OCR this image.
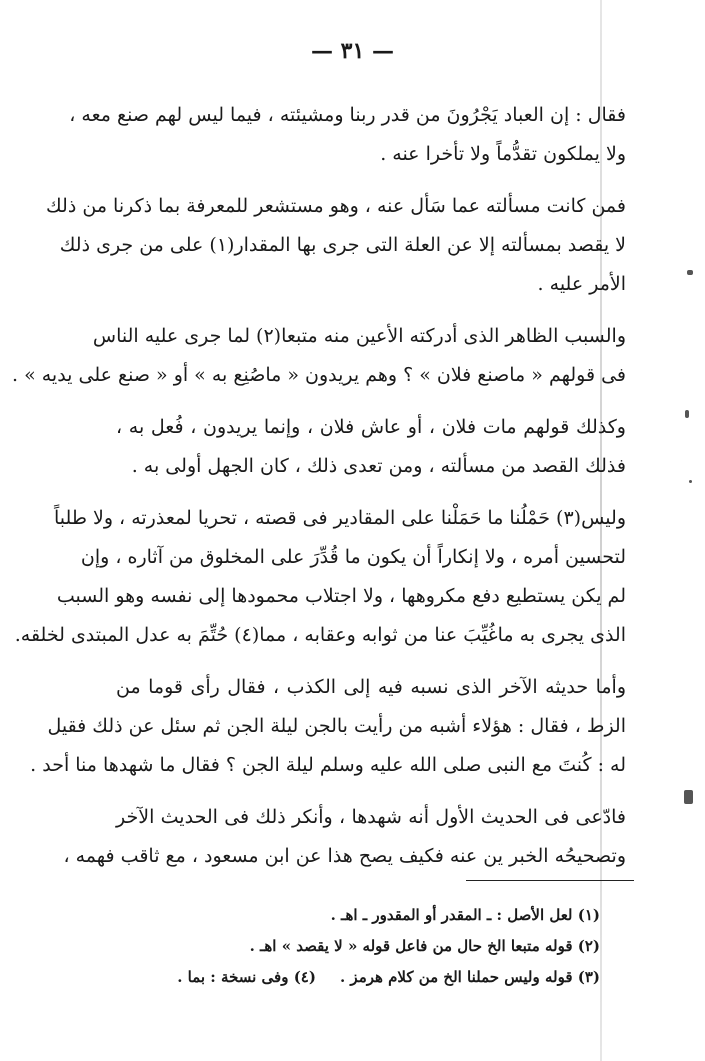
— ٣١ —
فقال : إن العباد يَجْرُونَ من قدر ربنا ومشيئته ، فيما ليس لهم صنع معه ،
ولا يملكون تقدُّماً ولا تأخرا عنه .
فمن كانت مسألته عما سَأل عنه ، وهو مستشعر للمعرفة بما ذكرنا من ذلك
لا يقصد بمسألته إلا عن العلة التى جرى بها المقدار(١) على من جرى ذلك
الأمر عليه .
والسبب الظاهر الذى أدركته الأعين منه متبعا(٢) لما جرى عليه الناس
فى قولهم « ماصنع فلان » ؟ وهم يريدون « ماصُنِع به » أو « صنع على يديه » .
وكذلك قولهم مات فلان ، أو عاش فلان ، وإنما يريدون ، فُعل به ،
فذلك القصد من مسألته ، ومن تعدى ذلك ، كان الجهل أولى به .
وليس(٣) حَمْلُنا ما حَمَلْنا على المقادير فى قصته ، تحريا لمعذرته ، ولا طلباً
لتحسين أمره ، ولا إنكاراً أن يكون ما قُدِّرَ على المخلوق من آثاره ، وإن
لم يكن يستطيع دفع مكروهها ، ولا اجتلاب محمودها إلى نفسه وهو السبب
الذى يجرى به ماغُيِّبَ عنا من ثوابه وعقابه ، مما(٤) حُتِّمَ به عدل المبتدى لخلقه.
وأما حديثه الآخر الذى نسبه فيه إلى الكذب ، فقال رأى قوما من
الزط ، فقال : هؤلاء أشبه من رأيت بالجن ليلة الجن ثم سئل عن ذلك فقيل
له : كُنتَ مع النبى صلى الله عليه وسلم ليلة الجن ؟ فقال ما شهدها منا أحد .
فادّعى فى الحديث الأول أنه شهدها ، وأنكر ذلك فى الحديث الآخر
وتصحيحُه الخبر ين عنه فكيف يصح هذا عن ابن مسعود ، مع ثاقب فهمه ،
(١) لعل الأصل : ـ المقدر أو المقدور ـ اهـ .
(٢) قوله متبعا الخ حال من فاعل قوله « لا يقصد » اهـ .
(٣) قوله وليس حملنا الخ من كلام هرمز .(٤) وفى نسخة : بما .
